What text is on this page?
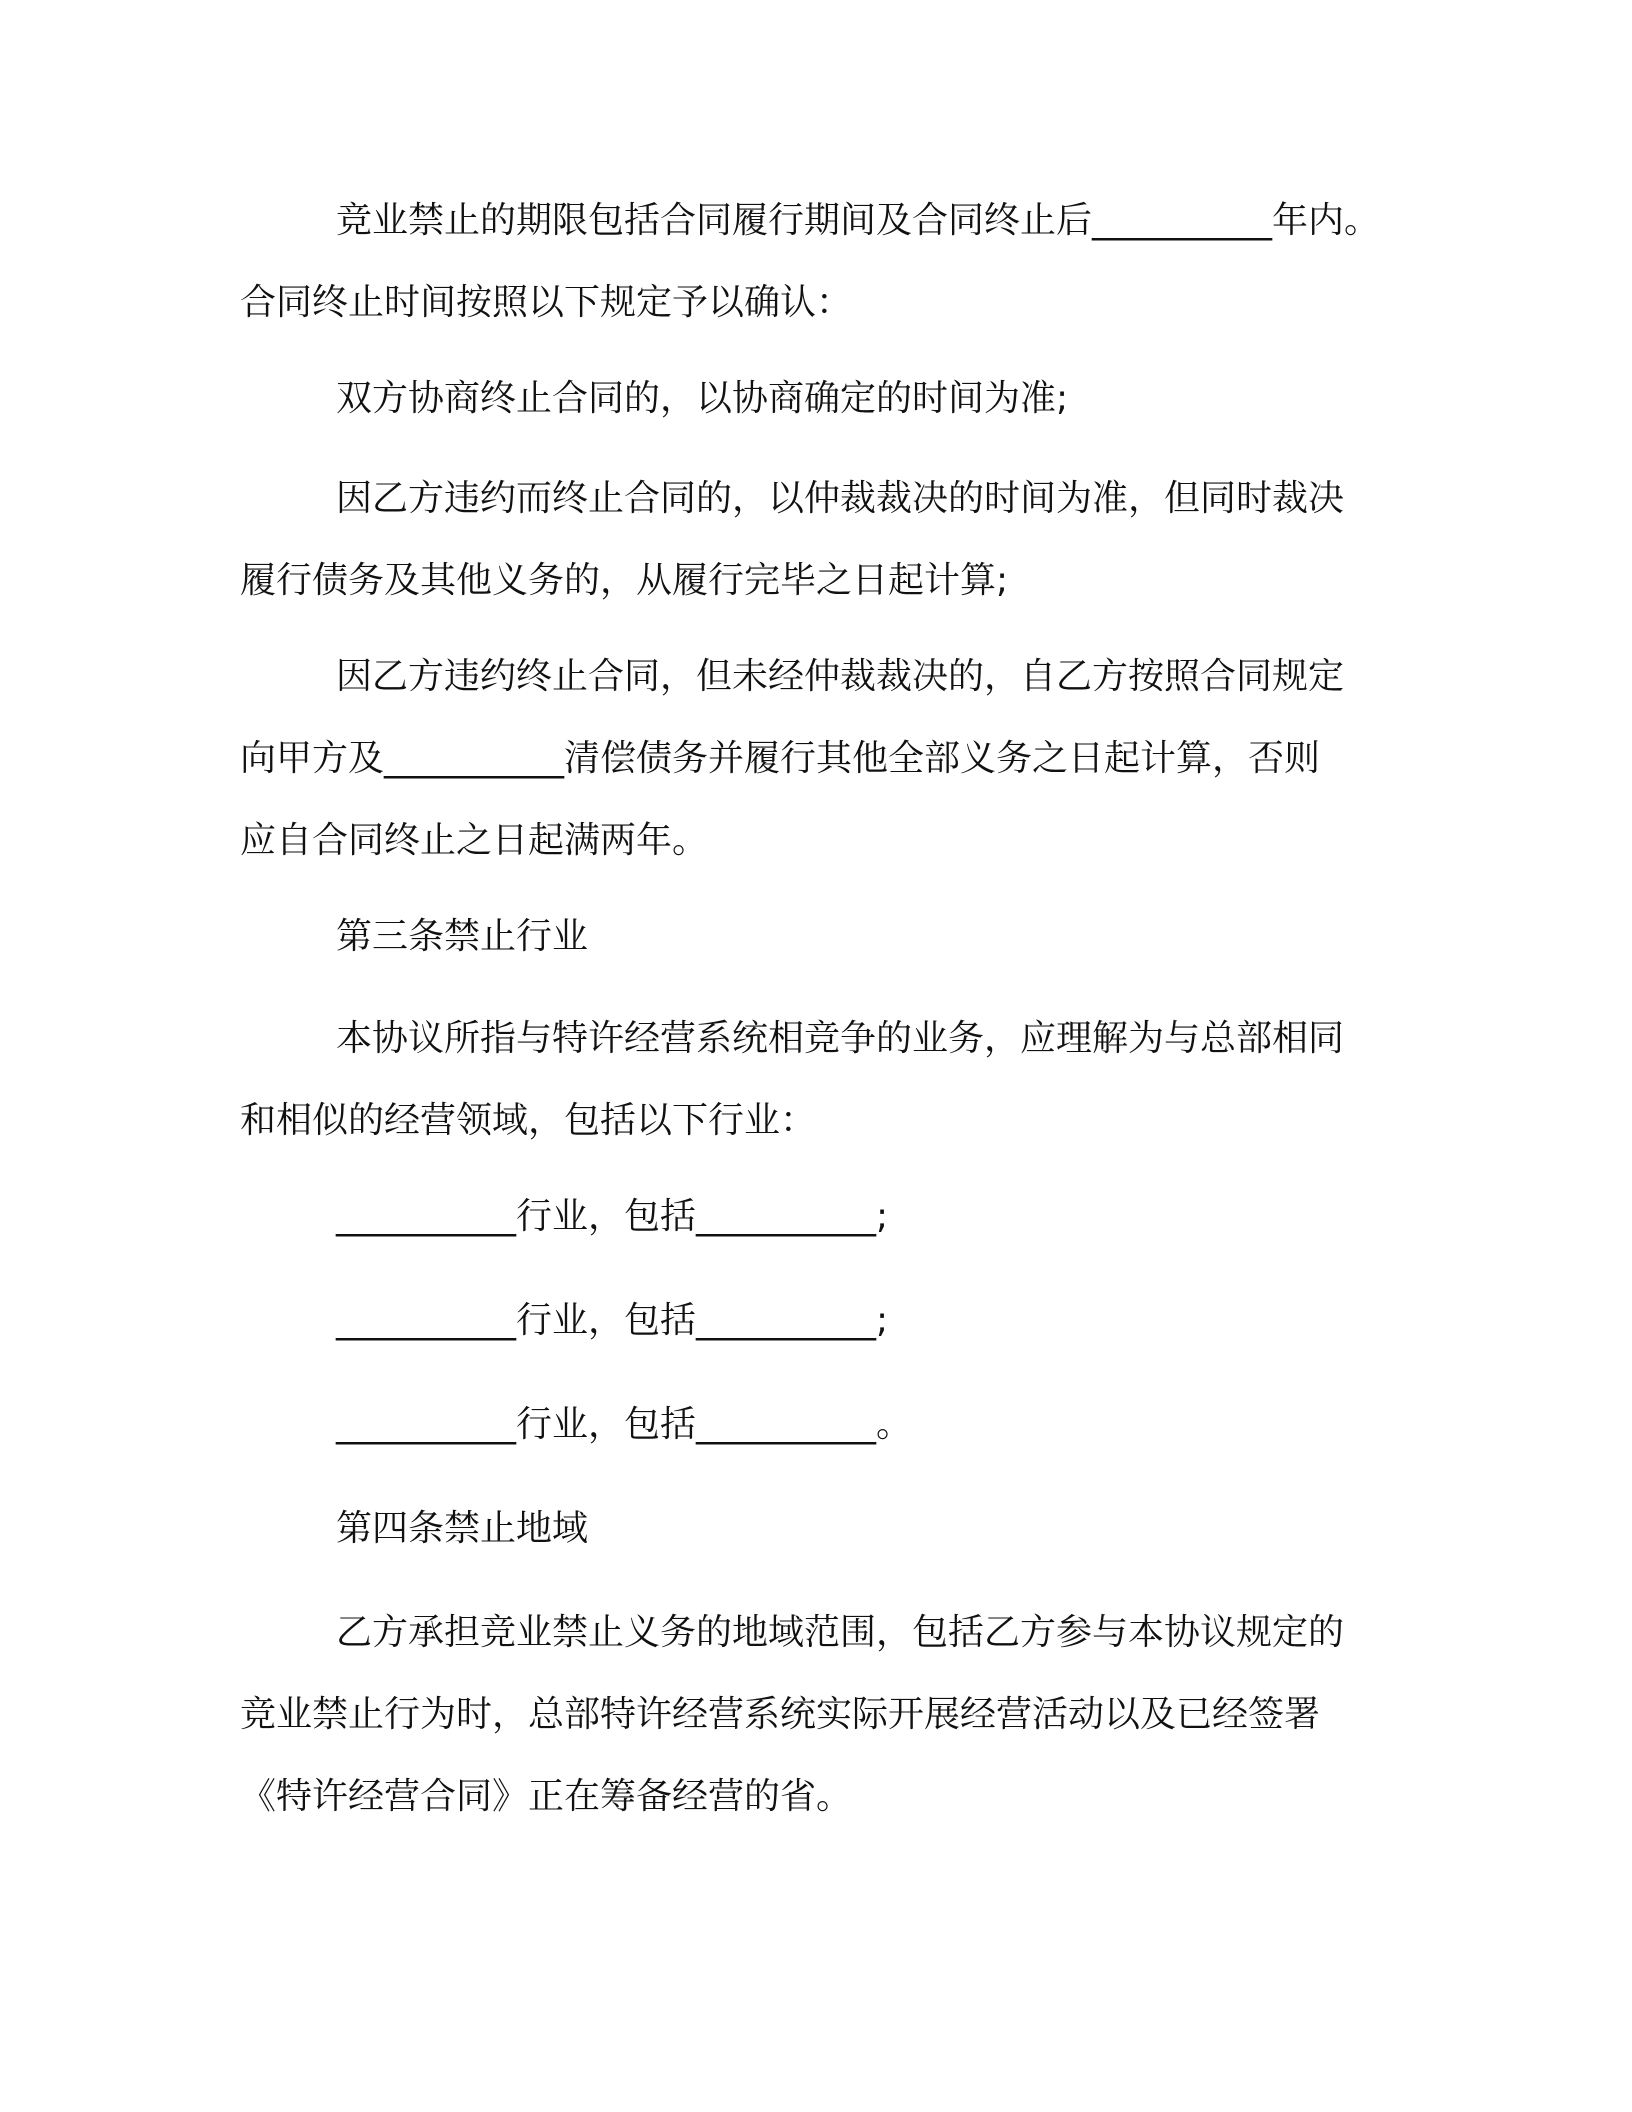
竞业禁止的期限包括合同履行期间及合同终止后__________年内。
合同终止时间按照以下规定予以确认：
双方协商终止合同的，以协商确定的时间为准;
因乙方违约而终止合同的，以仲裁裁决的时间为准，但同时裁决
履行债务及其他义务的，从履行完毕之日起计算;
因乙方违约终止合同，但未经仲裁裁决的，自乙方按照合同规定
向甲方及__________清偿债务并履行其他全部义务之日起计算，否则
应自合同终止之日起满两年。
第三条禁止行业
本协议所指与特许经营系统相竞争的业务，应理解为与总部相同
和相似的经营领域，包括以下行业：
__________行业，包括__________;
__________行业，包括__________;
__________行业，包括__________。
第四条禁止地域
乙方承担竞业禁止义务的地域范围，包括乙方参与本协议规定的
竞业禁止行为时，总部特许经营系统实际开展经营活动以及已经签署
《特许经营合同》正在筹备经营的省。
